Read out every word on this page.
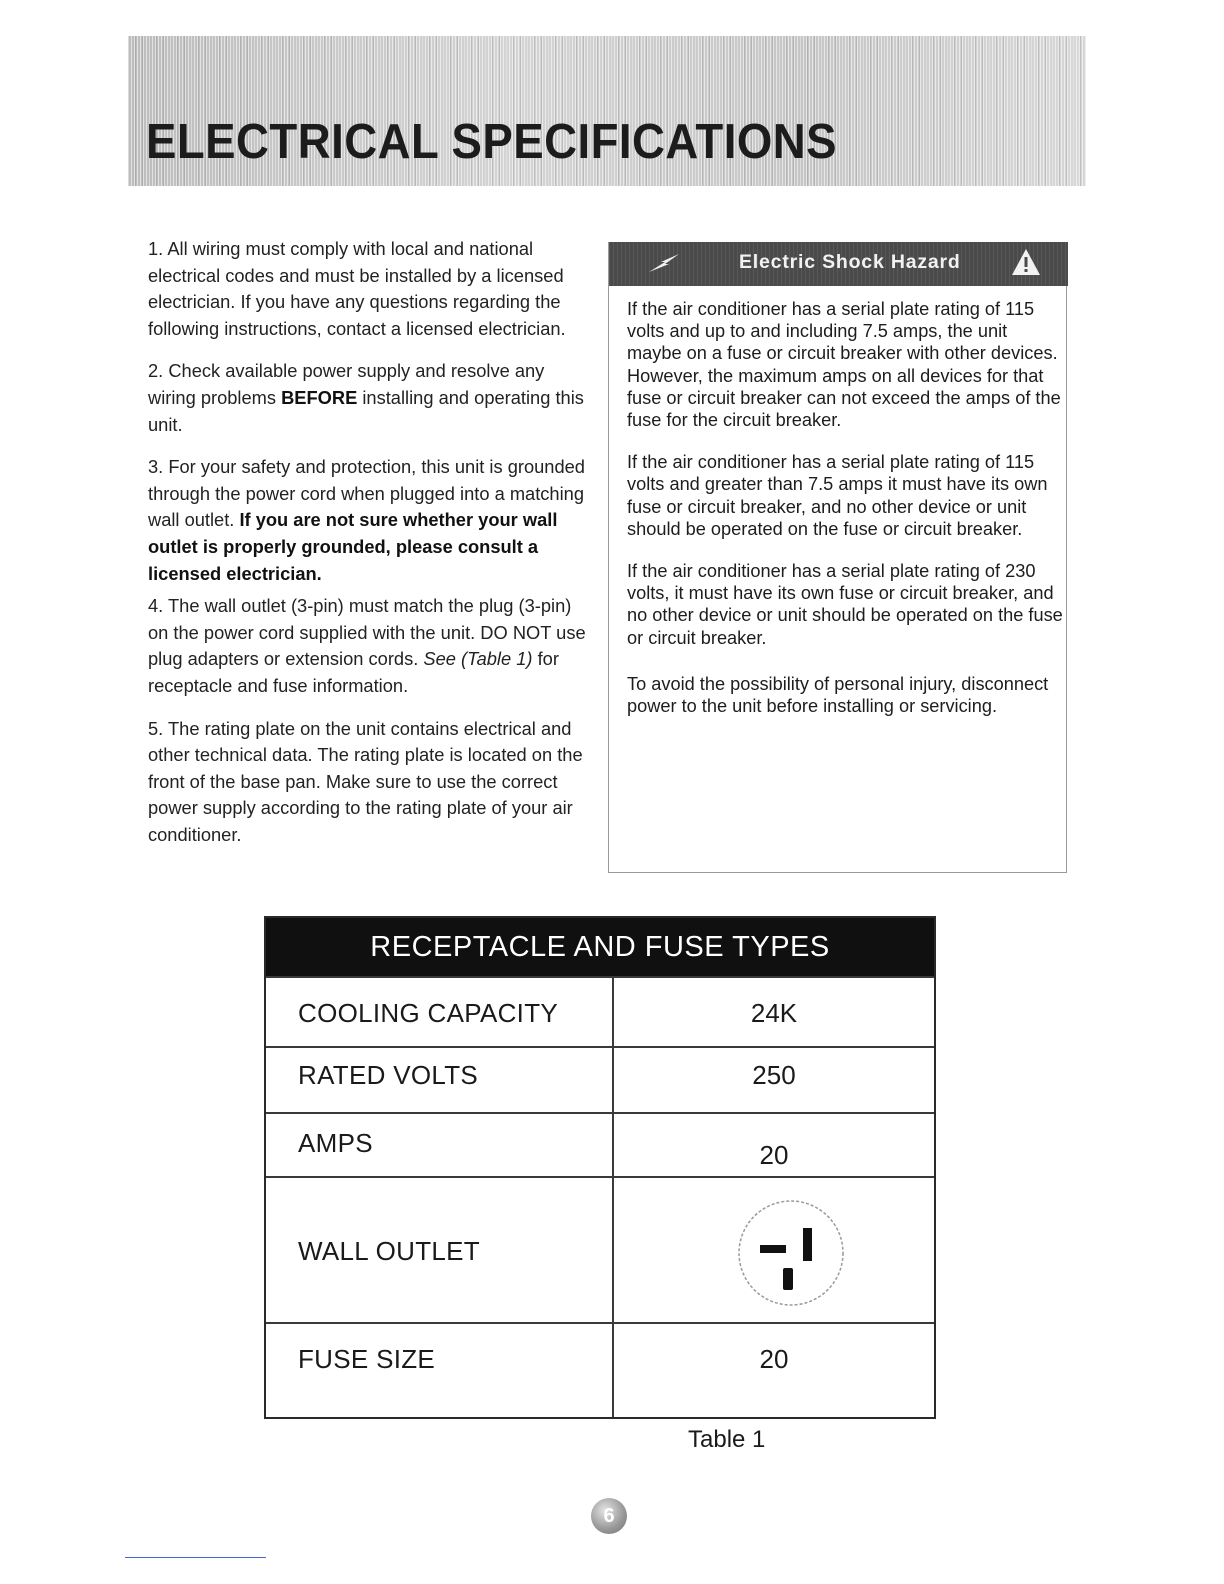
ELECTRICAL SPECIFICATIONS

1. All wiring must comply with local and national electrical codes and must be installed by a licensed electrician. If you have any questions regarding the following instructions, contact a licensed electrician.

2. Check available power supply and resolve any wiring problems BEFORE installing and operating this unit.

3. For your safety and protection, this unit is grounded through the power cord when plugged into a matching wall outlet. If you are not sure whether your wall outlet is properly grounded, please consult a licensed electrician.

4. The wall outlet (3-pin) must match the plug (3-pin) on the power cord supplied with the unit. DO NOT use plug adapters or extension cords. See (Table 1) for receptacle and fuse information.

5. The rating plate on the unit contains electrical and other technical data. The rating plate is located on the front of the base pan. Make sure to use the correct power supply according to the rating plate of your air conditioner.

Electric Shock Hazard

If the air conditioner has a serial plate rating of 115 volts and up to and including 7.5 amps, the unit maybe on a fuse or circuit breaker with other devices. However, the maximum amps on all devices for that fuse or circuit breaker can not exceed the amps of the fuse for the circuit breaker.

If the air conditioner has a serial plate rating of 115 volts and greater than 7.5 amps it must have its own fuse or circuit breaker, and no other device or unit should be operated on the fuse or circuit breaker.

If the air conditioner has a serial plate rating of 230 volts, it must have its own fuse or circuit breaker, and no other device or unit should be operated on the fuse or circuit breaker.

To avoid the possibility of personal injury, disconnect power to the unit before installing or servicing.

RECEPTACLE AND FUSE TYPES
COOLING CAPACITY	24K
RATED VOLTS	250
AMPS	20
WALL OUTLET
FUSE SIZE	20
Table 1
6
